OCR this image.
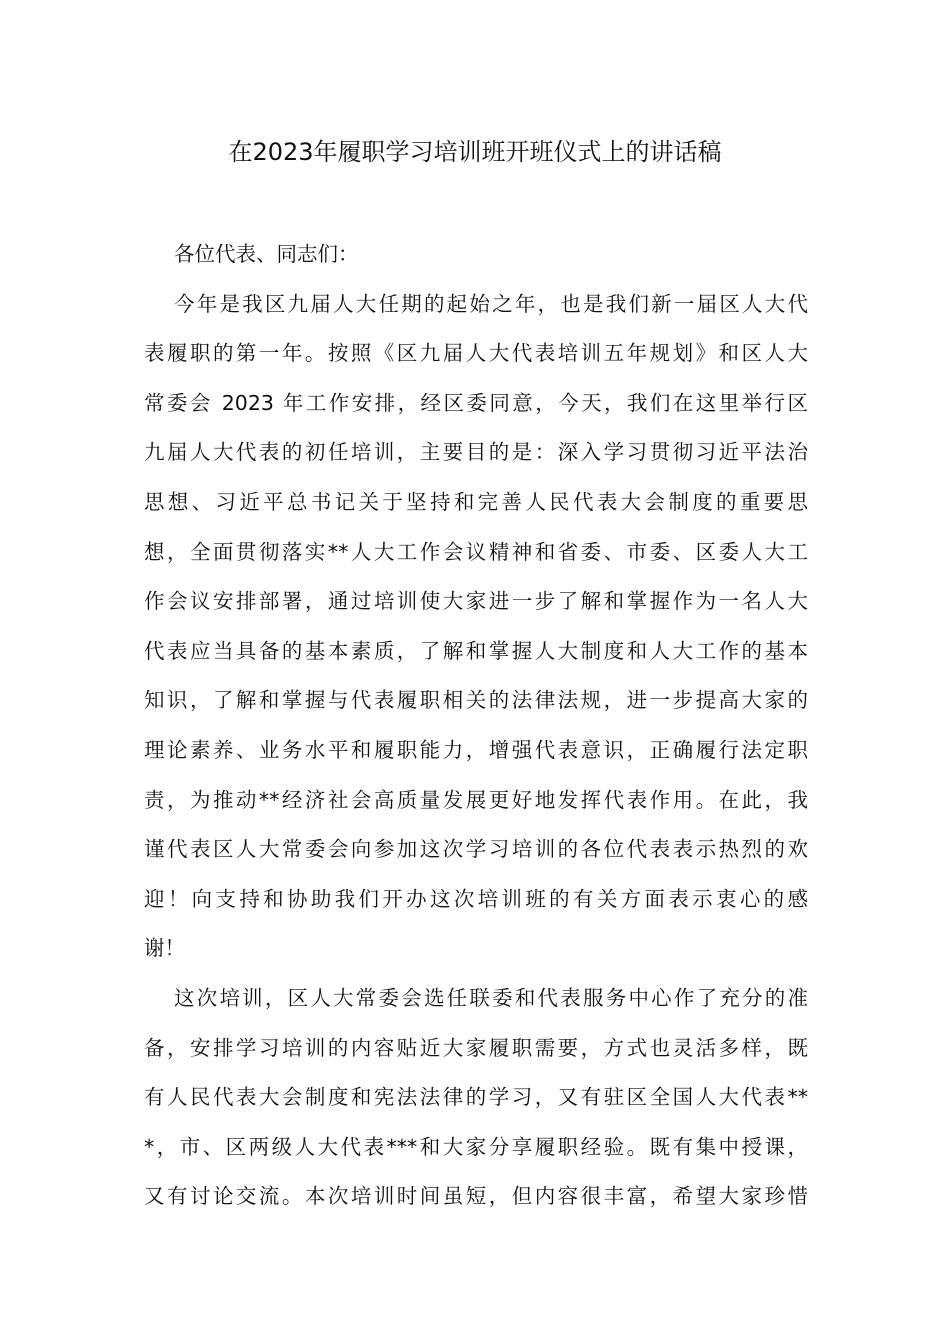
在2023年履职学习培训班开班仪式上的讲话稿
各位代表、同志们：
今年是我区九届人大任期的起始之年，也是我们新一届区人大代
表履职的第一年。按照《区九届人大代表培训五年规划》和区人大
常委会 2023 年工作安排，经区委同意，今天，我们在这里举行区
九届人大代表的初任培训，主要目的是：深入学习贯彻习近平法治
思想、习近平总书记关于坚持和完善人民代表大会制度的重要思
想，全面贯彻落实**人大工作会议精神和省委、市委、区委人大工
作会议安排部署，通过培训使大家进一步了解和掌握作为一名人大
代表应当具备的基本素质，了解和掌握人大制度和人大工作的基本
知识，了解和掌握与代表履职相关的法律法规，进一步提高大家的
理论素养、业务水平和履职能力，增强代表意识，正确履行法定职
责，为推动**经济社会高质量发展更好地发挥代表作用。在此，我
谨代表区人大常委会向参加这次学习培训的各位代表表示热烈的欢
迎！向支持和协助我们开办这次培训班的有关方面表示衷心的感
谢！
这次培训，区人大常委会选任联委和代表服务中心作了充分的准
备，安排学习培训的内容贴近大家履职需要，方式也灵活多样，既
有人民代表大会制度和宪法法律的学习，又有驻区全国人大代表**
*，市、区两级人大代表***和大家分享履职经验。既有集中授课，
又有讨论交流。本次培训时间虽短，但内容很丰富，希望大家珍惜
